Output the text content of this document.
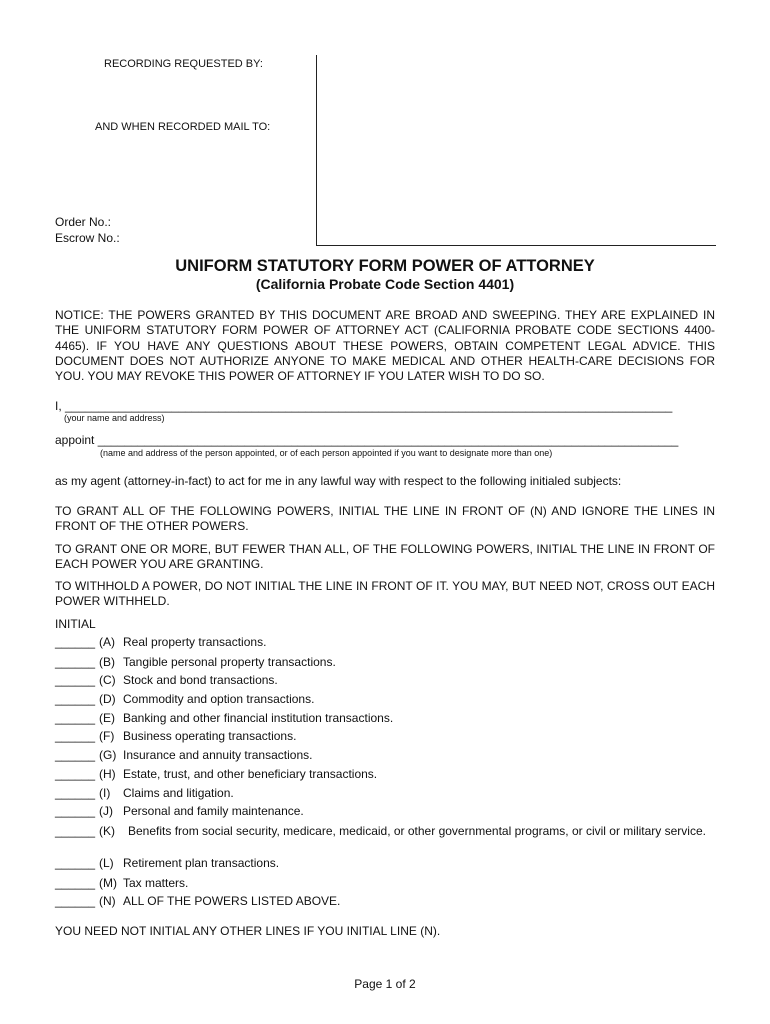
RECORDING REQUESTED BY:
AND WHEN RECORDED MAIL TO:
Order No.:
Escrow No.:
UNIFORM STATUTORY FORM POWER OF ATTORNEY
(California Probate Code Section 4401)
NOTICE: THE POWERS GRANTED BY THIS DOCUMENT ARE BROAD AND SWEEPING. THEY ARE EXPLAINED IN THE UNIFORM STATUTORY FORM POWER OF ATTORNEY ACT (CALIFORNIA PROBATE CODE SECTIONS 4400-4465). IF YOU HAVE ANY QUESTIONS ABOUT THESE POWERS, OBTAIN COMPETENT LEGAL ADVICE. THIS DOCUMENT DOES NOT AUTHORIZE ANYONE TO MAKE MEDICAL AND OTHER HEALTH-CARE DECISIONS FOR YOU. YOU MAY REVOKE THIS POWER OF ATTORNEY IF YOU LATER WISH TO DO SO.
I, ___________________________________________________________________________________________
(your name and address)
appoint _______________________________________________________________________________________
(name and address of the person appointed, or of each person appointed if you want to designate more than one)
as my agent (attorney-in-fact) to act for me in any lawful way with respect to the following initialed subjects:
TO GRANT ALL OF THE FOLLOWING POWERS, INITIAL THE LINE IN FRONT OF (N) AND IGNORE THE LINES IN FRONT OF THE OTHER POWERS.
TO GRANT ONE OR MORE, BUT FEWER THAN ALL, OF THE FOLLOWING POWERS, INITIAL THE LINE IN FRONT OF EACH POWER YOU ARE GRANTING.
TO WITHHOLD A POWER, DO NOT INITIAL THE LINE IN FRONT OF IT. YOU MAY, BUT NEED NOT, CROSS OUT EACH POWER WITHHELD.
INITIAL
______ (A) Real property transactions.
______ (B) Tangible personal property transactions.
______ (C) Stock and bond transactions.
______ (D) Commodity and option transactions.
______ (E) Banking and other financial institution transactions.
______ (F) Business operating transactions.
______ (G) Insurance and annuity transactions.
______ (H) Estate, trust, and other beneficiary transactions.
______ (I) Claims and litigation.
______ (J) Personal and family maintenance.
______ (K) Benefits from social security, medicare, medicaid, or other governmental programs, or civil or military service.
______ (L) Retirement plan transactions.
______ (M) Tax matters.
______ (N) ALL OF THE POWERS LISTED ABOVE.
YOU NEED NOT INITIAL ANY OTHER LINES IF YOU INITIAL LINE (N).
Page 1 of 2
